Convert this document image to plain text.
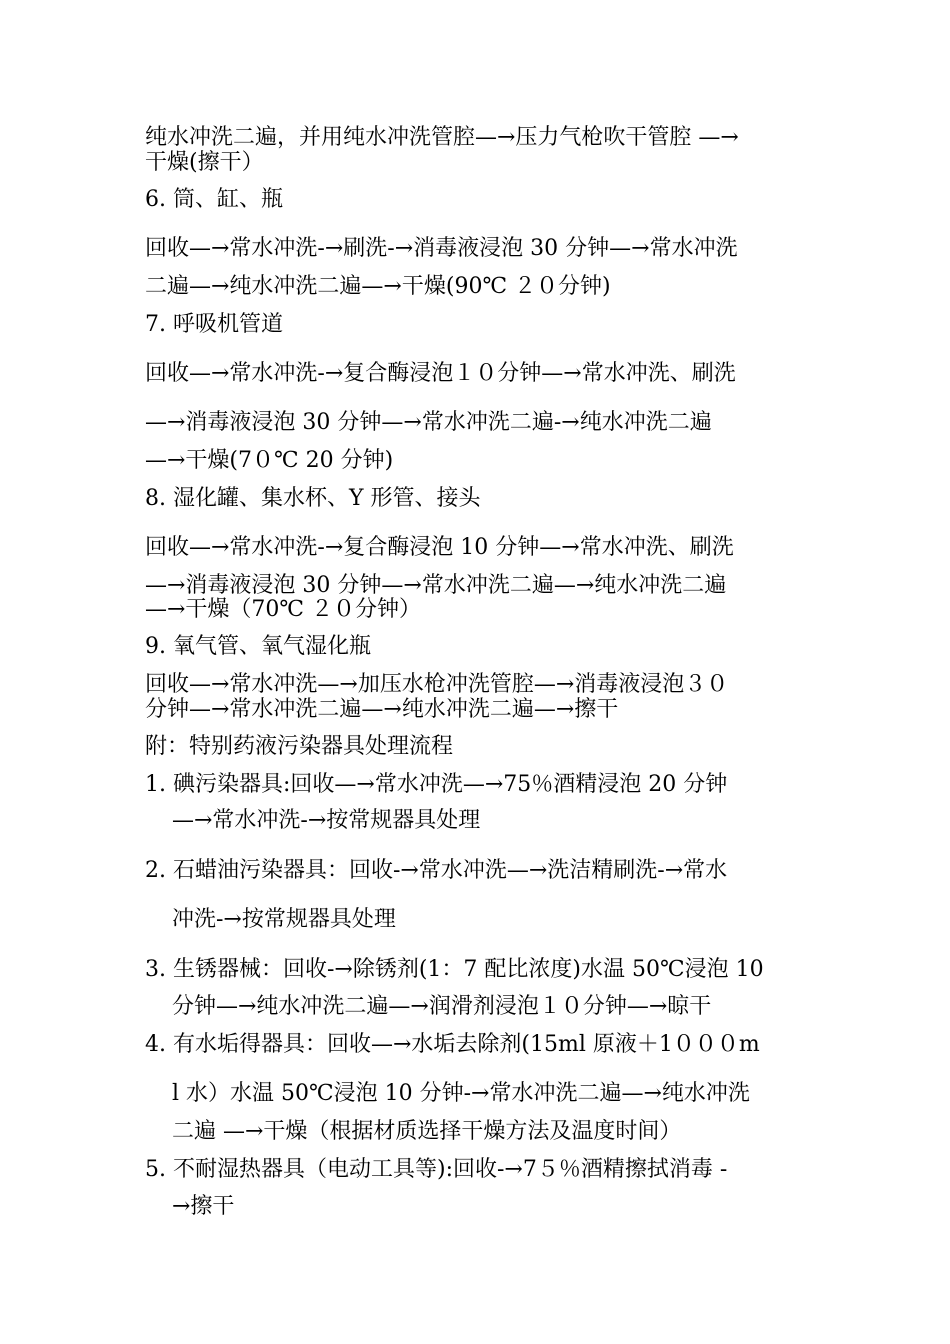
纯水冲洗二遍，并用纯水冲洗管腔—→压力气枪吹干管腔 —→
干燥(擦干）
6. 筒、缸、瓶
回收—→常水冲洗-→刷洗-→消毒液浸泡 30 分钟—→常水冲洗
二遍—→纯水冲洗二遍—→干燥(90℃ ２０分钟)
7. 呼吸机管道
回收—→常水冲洗-→复合酶浸泡１０分钟—→常水冲洗、刷洗
—→消毒液浸泡 30 分钟—→常水冲洗二遍-→纯水冲洗二遍
—→干燥(7０℃ 20 分钟)
8. 湿化罐、集水杯、Y 形管、接头
回收—→常水冲洗-→复合酶浸泡 10 分钟—→常水冲洗、刷洗
—→消毒液浸泡 30 分钟—→常水冲洗二遍—→纯水冲洗二遍
—→干燥（70℃ ２０分钟）
9. 氧气管、氧气湿化瓶
回收—→常水冲洗—→加压水枪冲洗管腔—→消毒液浸泡３０
分钟—→常水冲洗二遍—→纯水冲洗二遍—→擦干
附：特别药液污染器具处理流程
1. 碘污染器具:回收—→常水冲洗—→75％酒精浸泡 20 分钟
—→常水冲洗-→按常规器具处理
2. 石蜡油污染器具：回收-→常水冲洗—→洗洁精刷洗-→常水
冲洗-→按常规器具处理
3. 生锈器械：回收-→除锈剂(1：7 配比浓度)水温 50℃浸泡 10
分钟—→纯水冲洗二遍—→润滑剂浸泡１０分钟—→晾干
4. 有水垢得器具：回收—→水垢去除剂(15ml 原液＋1０００m
l 水）水温 50℃浸泡 10 分钟-→常水冲洗二遍—→纯水冲洗
二遍 —→干燥（根据材质选择干燥方法及温度时间）
5. 不耐湿热器具（电动工具等):回收-→7５％酒精擦拭消毒 -
→擦干
